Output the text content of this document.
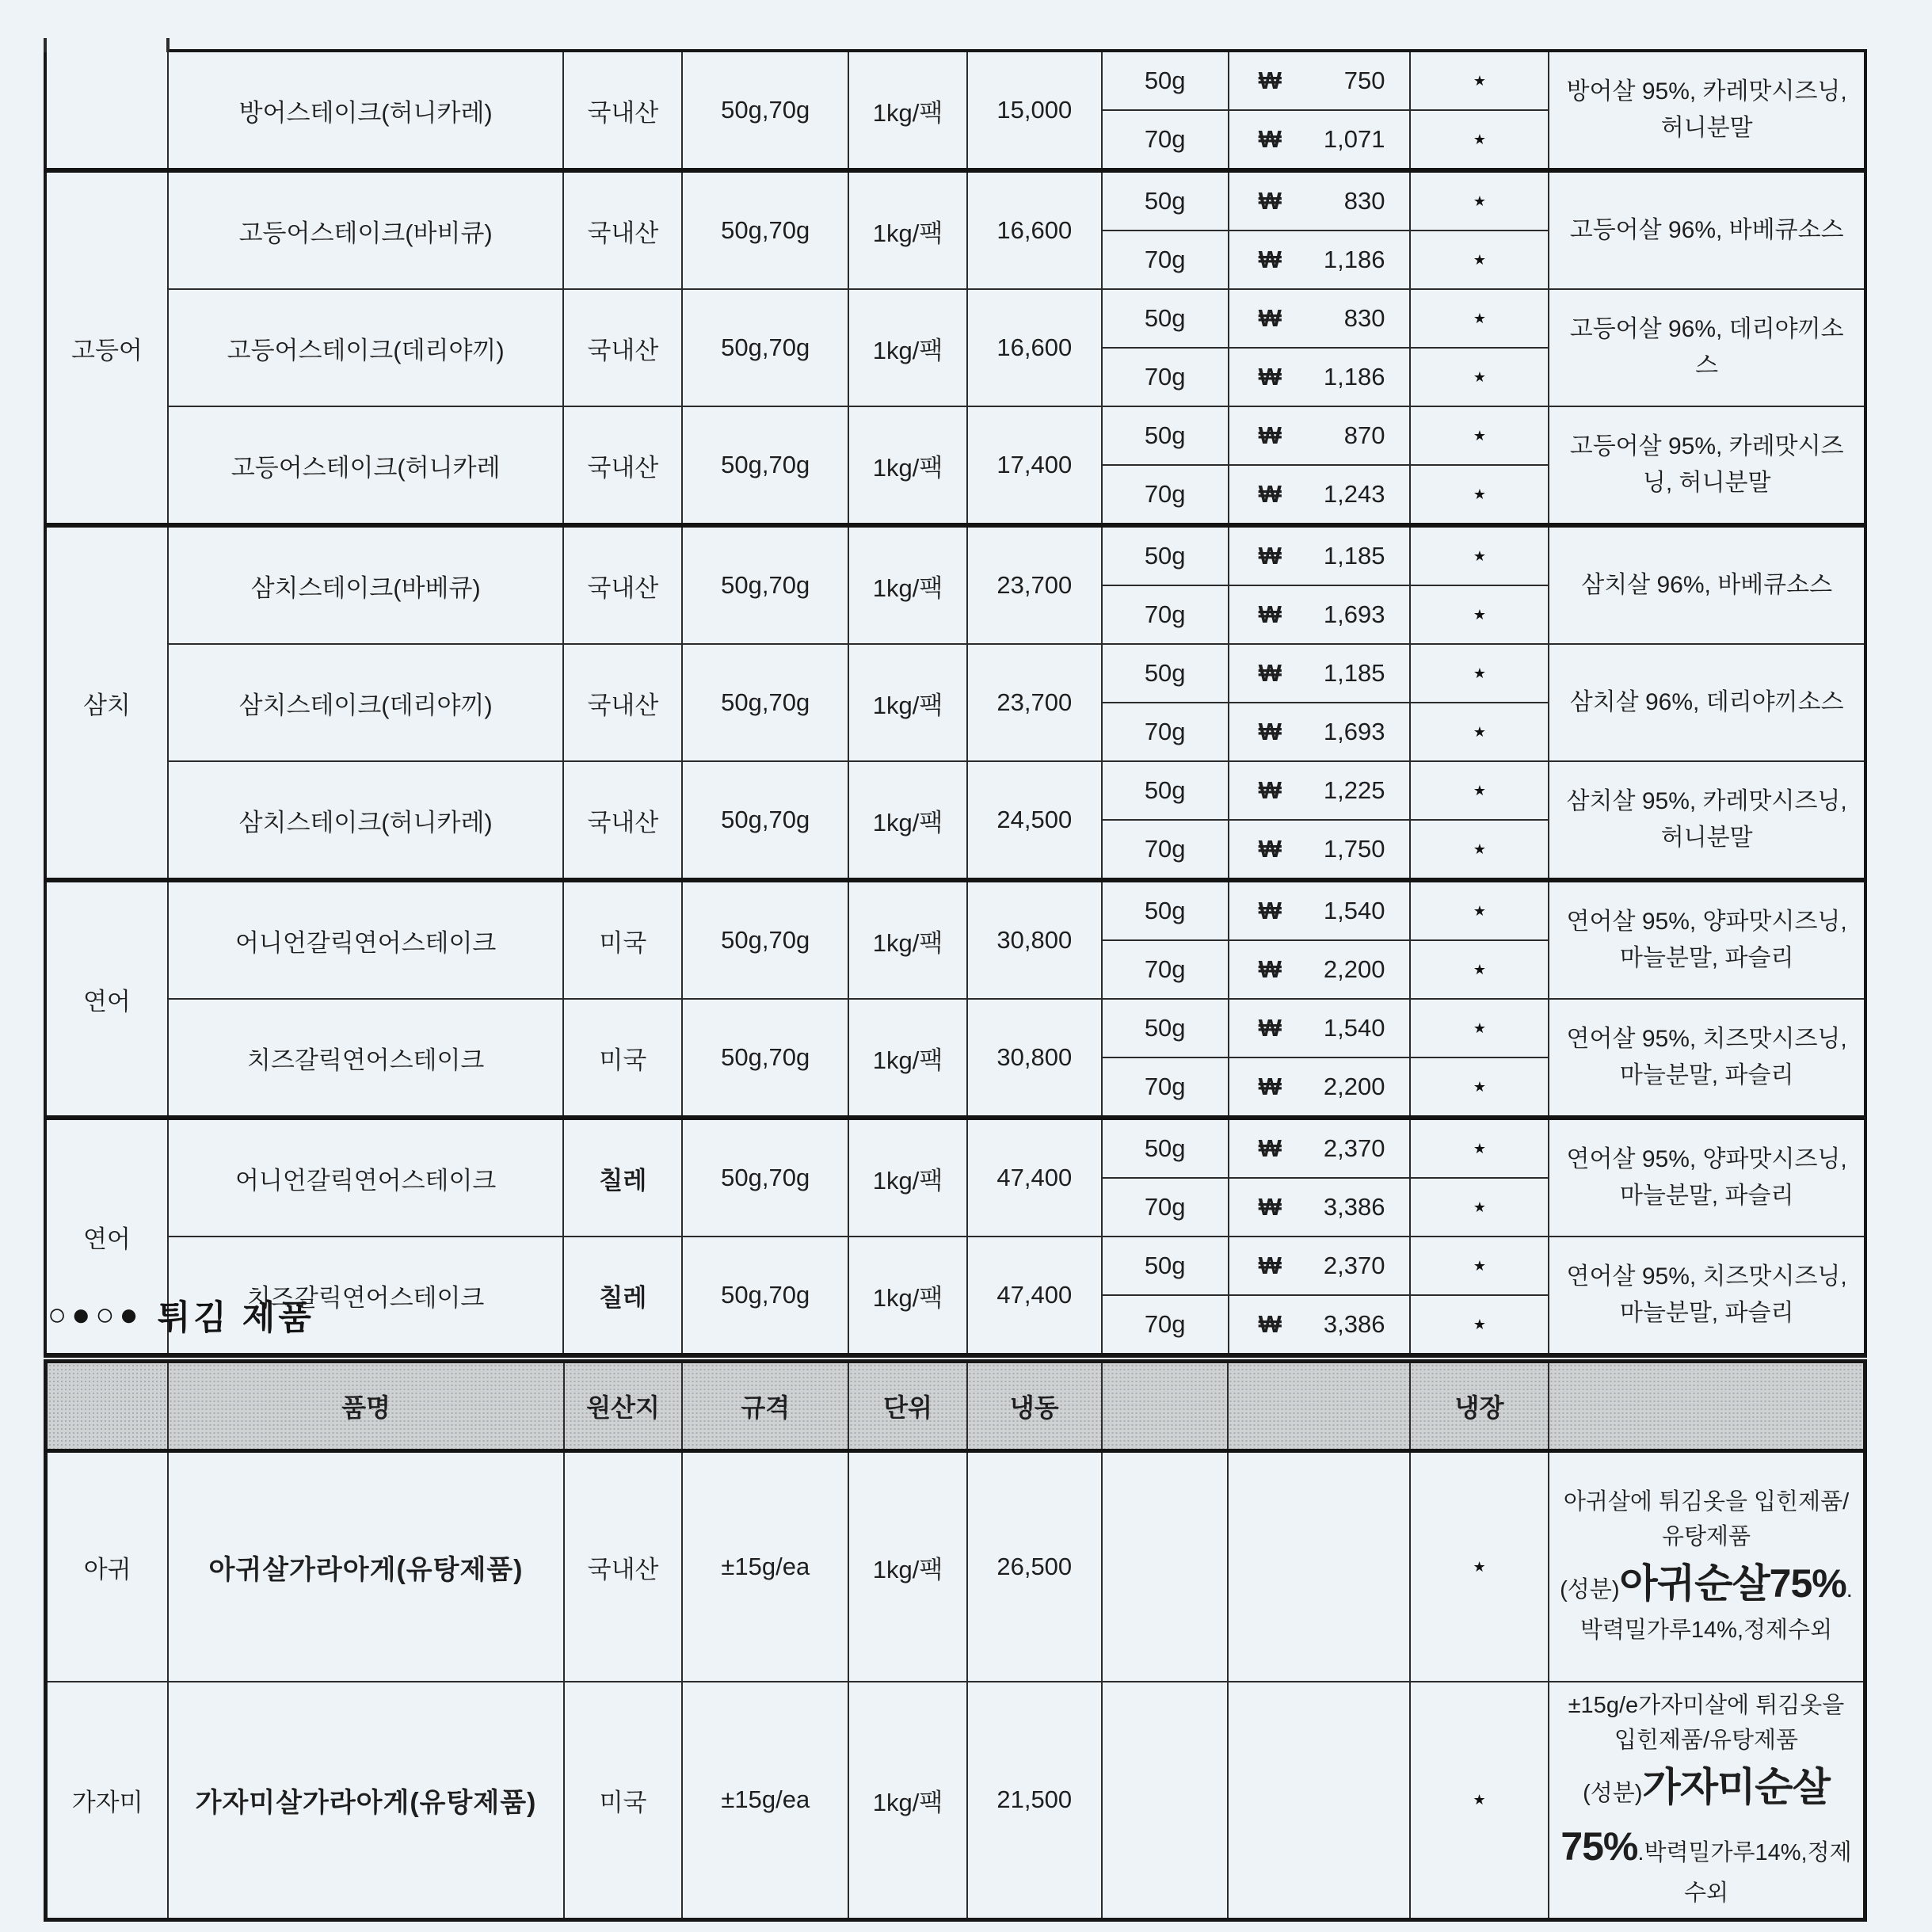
	방어스테이크(허니카레)	국내산	50g,70g	1kg/팩	15,000	50g	₩ 750	★	방어살 95%, 카레맛시즈닝, 허니분말
						70g	₩ 1,071	★	
고등어	고등어스테이크(바비큐)	국내산	50g,70g	1kg/팩	16,600	50g	₩ 830	★	고등어살 96%, 바베큐소스
						70g	₩ 1,186	★	
	고등어스테이크(데리야끼)	국내산	50g,70g	1kg/팩	16,600	50g	₩ 830	★	고등어살 96%, 데리야끼소스
						70g	₩ 1,186	★	
	고등어스테이크(허니카레	국내산	50g,70g	1kg/팩	17,400	50g	₩ 870	★	고등어살 95%, 카레맛시즈닝, 허니분말
						70g	₩ 1,243	★	
삼치	삼치스테이크(바베큐)	국내산	50g,70g	1kg/팩	23,700	50g	₩ 1,185	★	삼치살 96%, 바베큐소스
						70g	₩ 1,693	★	
	삼치스테이크(데리야끼)	국내산	50g,70g	1kg/팩	23,700	50g	₩ 1,185	★	삼치살 96%, 데리야끼소스
						70g	₩ 1,693	★	
	삼치스테이크(허니카레)	국내산	50g,70g	1kg/팩	24,500	50g	₩ 1,225	★	삼치살 95%, 카레맛시즈닝, 허니분말
						70g	₩ 1,750	★	
연어	어니언갈릭연어스테이크	미국	50g,70g	1kg/팩	30,800	50g	₩ 1,540	★	연어살 95%, 양파맛시즈닝, 마늘분말, 파슬리
						70g	₩ 2,200	★	
	치즈갈릭연어스테이크	미국	50g,70g	1kg/팩	30,800	50g	₩ 1,540	★	연어살 95%, 치즈맛시즈닝, 마늘분말, 파슬리
						70g	₩ 2,200	★	
연어	어니언갈릭연어스테이크	칠레	50g,70g	1kg/팩	47,400	50g	₩ 2,370	★	연어살 95%, 양파맛시즈닝, 마늘분말, 파슬리
						70g	₩ 3,386	★	
	치즈갈릭연어스테이크	칠레	50g,70g	1kg/팩	47,400	50g	₩ 2,370	★	연어살 95%, 치즈맛시즈닝, 마늘분말, 파슬리
						70g	₩ 3,386	★	
○●○● 튀김 제품
	품명	원산지	규격	단위	냉동			냉장	
아귀	아귀살가라아게(유탕제품)	국내산	±15g/ea	1kg/팩	26,500			★	아귀살에 튀김옷을 입힌제품/유탕제품
(성분)아귀순살75%.박력밀가루14%,정제수외
가자미	가자미살가라아게(유탕제품)	미국	±15g/ea	1kg/팩	21,500			★	±15g/e가자미살에 튀김옷을 입힌제품/유탕제품
(성분)가자미순살75%.박력밀가루14%,정제수외
